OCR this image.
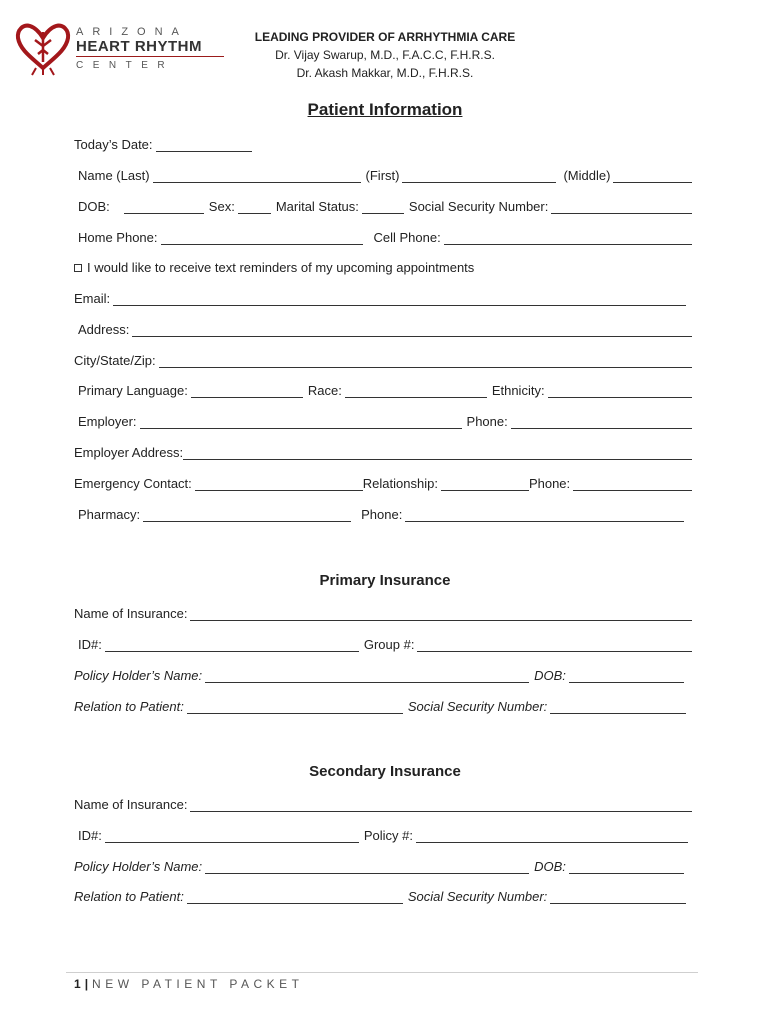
ARIZONA
HEART RHYTHM
CENTER
LEADING PROVIDER OF ARRHYTHMIA CARE
Dr. Vijay Swarup, M.D., F.A.C.C, F.H.R.S.
Dr. Akash Makkar, M.D., F.H.R.S.
Patient Information
Today’s Date:
Name (Last)	(First)	(Middle)
DOB:	Sex:	Marital Status:	Social Security Number:
Home Phone:	Cell Phone:
I would like to receive text reminders of my upcoming appointments
Email:
Address:
City/State/Zip:
Primary Language:	Race:	Ethnicity:
Employer:	Phone:
Employer Address:
Emergency Contact:	Relationship:	Phone:
Pharmacy:	Phone:
Primary Insurance
Name of Insurance:
ID#:	Group #:
Policy Holder’s Name:	DOB:
Relation to Patient:	Social Security Number:
Secondary Insurance
Name of Insurance:
ID#:	Policy #:
Policy Holder’s Name:	DOB:
Relation to Patient:	Social Security Number:
1 | NEW PATIENT PACKET
